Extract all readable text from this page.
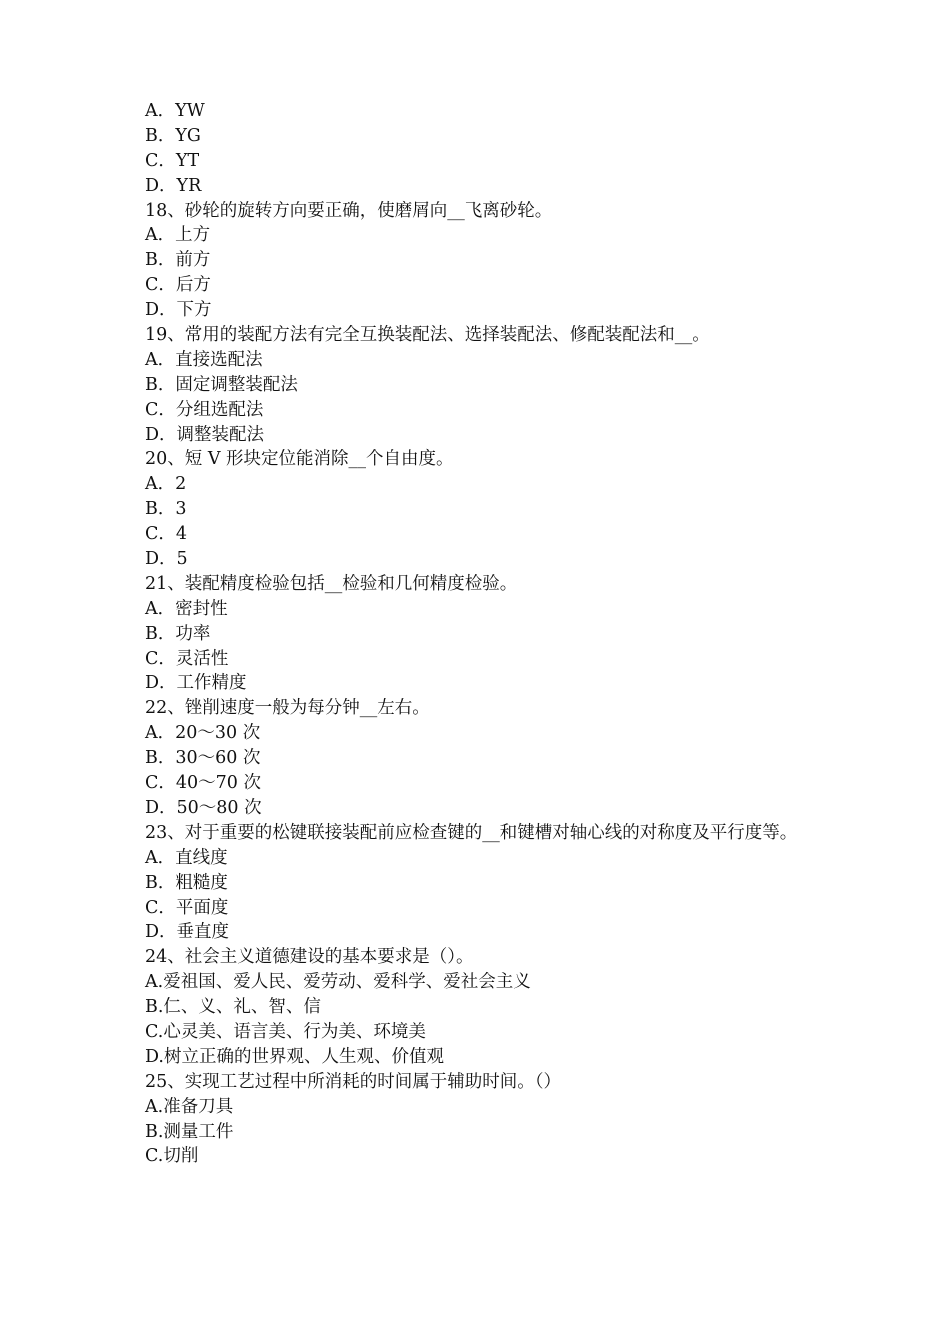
A．YW
B．YG
C．YT
D．YR
18、砂轮的旋转方向要正确，使磨屑向__飞离砂轮。
A．上方
B．前方
C．后方
D．下方
19、常用的装配方法有完全互换装配法、选择装配法、修配装配法和__。
A．直接选配法
B．固定调整装配法
C．分组选配法
D．调整装配法
20、短 V 形块定位能消除__个自由度。
A．2
B．3
C．4
D．5
21、装配精度检验包括__检验和几何精度检验。
A．密封性
B．功率
C．灵活性
D．工作精度
22、锉削速度一般为每分钟__左右。
A．20～30 次
B．30～60 次
C．40～70 次
D．50～80 次
23、对于重要的松键联接装配前应检查键的__和键槽对轴心线的对称度及平行度等。
A．直线度
B．粗糙度
C．平面度
D．垂直度
24、社会主义道德建设的基本要求是（）。
A.爱祖国、爱人民、爱劳动、爱科学、爱社会主义
B.仁、义、礼、智、信
C.心灵美、语言美、行为美、环境美
D.树立正确的世界观、人生观、价值观
25、实现工艺过程中所消耗的时间属于辅助时间。（）
A.准备刀具
B.测量工件
C.切削
